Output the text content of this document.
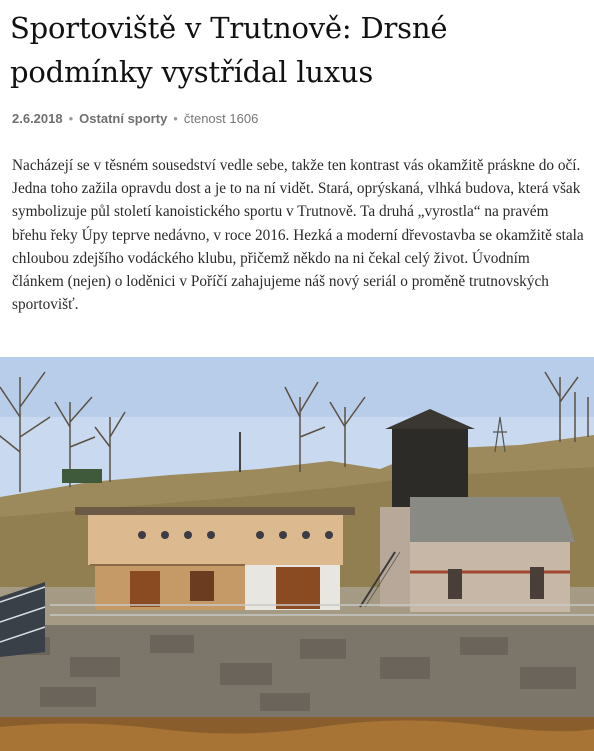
Sportoviště v Trutnově: Drsné podmínky vystřídal luxus
2.6.2018 • Ostatní sporty • čtenost 1606

Nacházejí se v těsném sousedství vedle sebe, takže ten kontrast vás okamžitě práskne do očí. Jedna toho zažila opravdu dost a je to na ní vidět. Stará, oprýskaná, vlhká budova, která však symbolizuje půl století kanoistického sportu v Trutnově. Ta druhá „vyrostla“ na pravém břehu řeky Úpy teprve nedávno, v roce 2016. Hezká a moderní dřevostavba se okamžitě stala chloubou zdejšího vodáckého klubu, přičemž někdo na ni čekal celý život. Úvodním článkem (nejen) o loděnici v Poříčí zahajujeme náš nový seriál o proměně trutnovských sportovišť.
